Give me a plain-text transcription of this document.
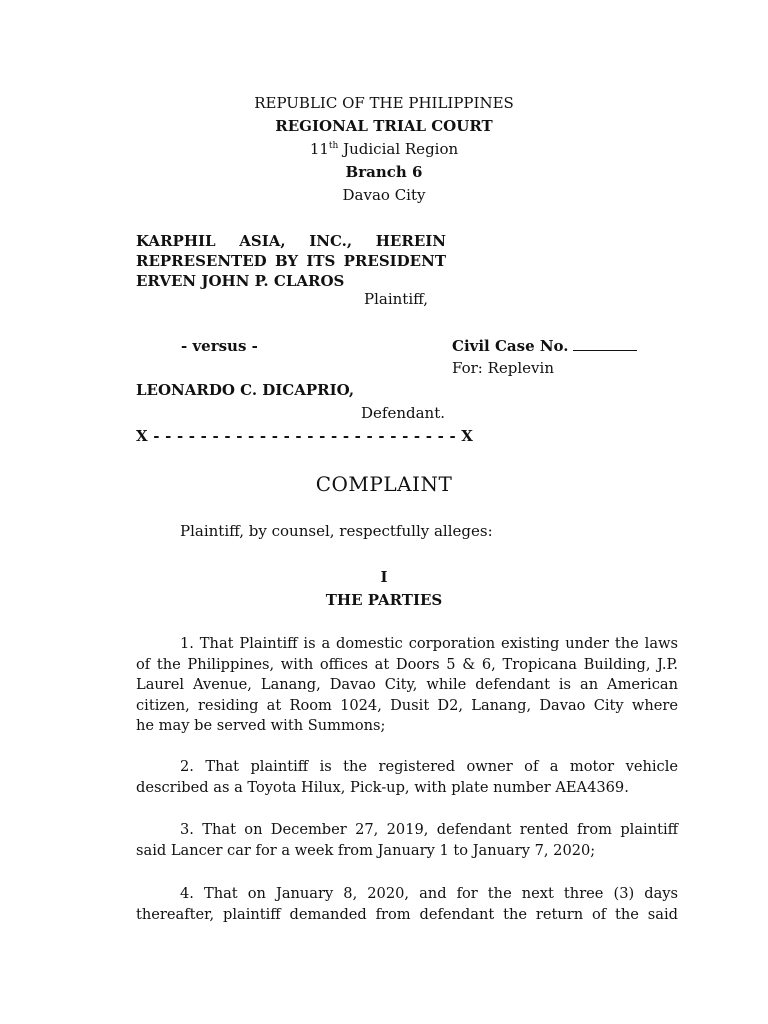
REPUBLIC OF THE PHILIPPINES
REGIONAL TRIAL COURT
11th Judicial Region
Branch 6
Davao City
KARPHIL ASIA, INC., HEREIN
REPRESENTED BY ITS PRESIDENT
ERVEN JOHN P. CLAROS
Plaintiff,
- versus -	Civil Case No.
For: Replevin
LEONARDO C. DICAPRIO,
Defendant.
X - - - - - - - - - - - - - - - - - - - - - - - - - - X
COMPLAINT
Plaintiff, by counsel, respectfully alleges:
I
THE PARTIES
1. That Plaintiff is a domestic corporation existing under the laws
of the Philippines, with offices at Doors 5 & 6, Tropicana Building, J.P.
Laurel Avenue, Lanang, Davao City, while defendant is an American
citizen, residing at Room 1024, Dusit D2, Lanang, Davao City where
he may be served with Summons;
2. That plaintiff is the registered owner of a motor vehicle
described as a Toyota Hilux, Pick-up, with plate number AEA4369.
3. That on December 27, 2019, defendant rented from plaintiff
said Lancer car for a week from January 1 to January 7, 2020;
4. That on January 8, 2020, and for the next three (3) days
thereafter, plaintiff demanded from defendant the return of the said
